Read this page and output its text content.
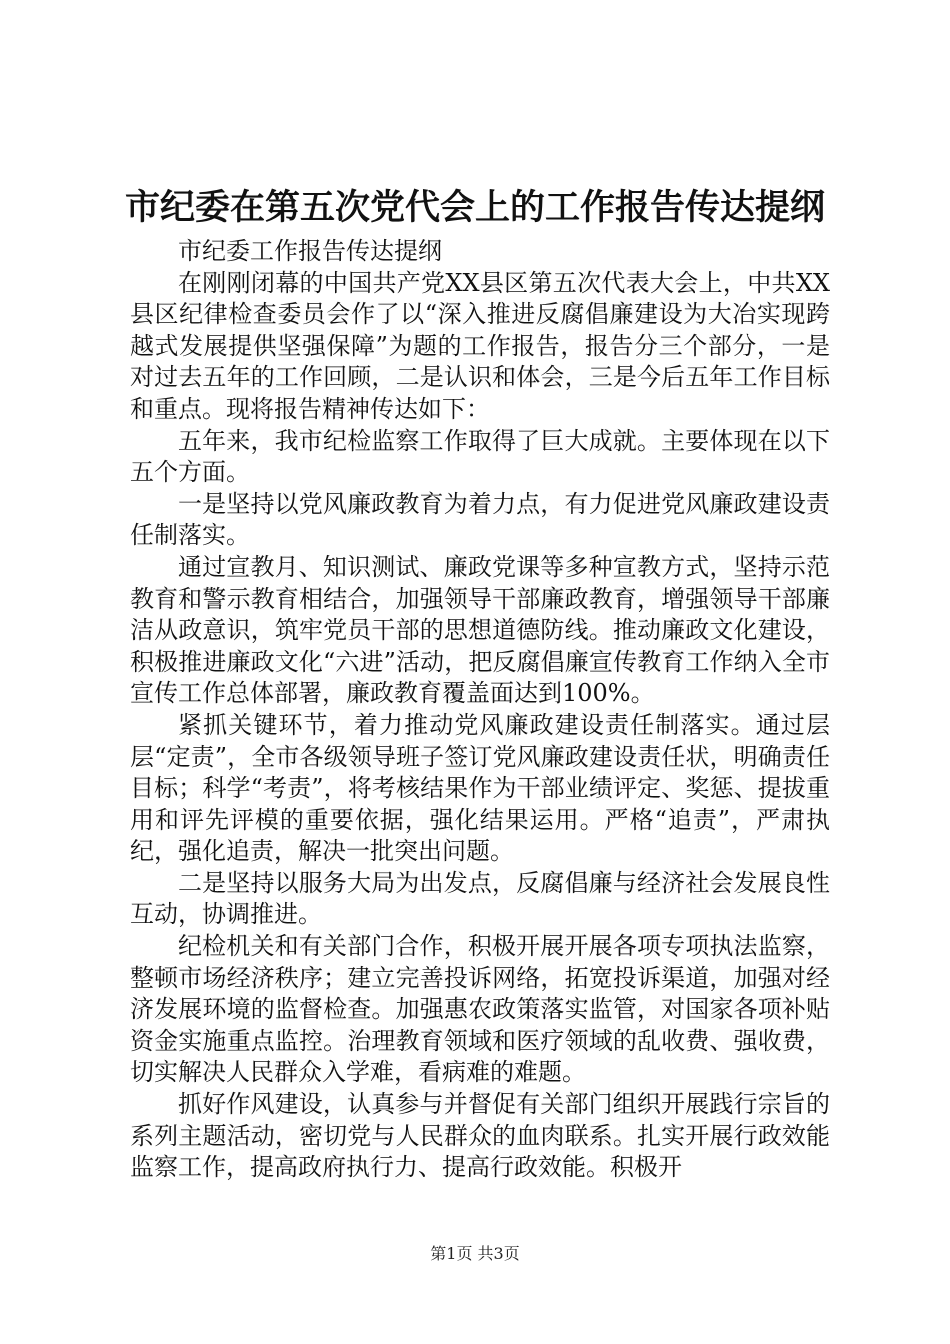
市纪委在第五次党代会上的工作报告传达提纲

市纪委工作报告传达提纲

在刚刚闭幕的中国共产党XX县区第五次代表大会上，中共XX县区纪律检查委员会作了以“深入推进反腐倡廉建设为大冶实现跨越式发展提供坚强保障”为题的工作报告，报告分三个部分，一是对过去五年的工作回顾，二是认识和体会，三是今后五年工作目标和重点。现将报告精神传达如下：

五年来，我市纪检监察工作取得了巨大成就。主要体现在以下五个方面。

一是坚持以党风廉政教育为着力点，有力促进党风廉政建设责任制落实。

通过宣教月、知识测试、廉政党课等多种宣教方式，坚持示范教育和警示教育相结合，加强领导干部廉政教育，增强领导干部廉洁从政意识，筑牢党员干部的思想道德防线。推动廉政文化建设，积极推进廉政文化“六进”活动，把反腐倡廉宣传教育工作纳入全市宣传工作总体部署，廉政教育覆盖面达到100%。

紧抓关键环节，着力推动党风廉政建设责任制落实。通过层层“定责”，全市各级领导班子签订党风廉政建设责任状，明确责任目标；科学“考责”，将考核结果作为干部业绩评定、奖惩、提拔重用和评先评模的重要依据，强化结果运用。严格“追责”，严肃执纪，强化追责，解决一批突出问题。

二是坚持以服务大局为出发点，反腐倡廉与经济社会发展良性互动，协调推进。

纪检机关和有关部门合作，积极开展开展各项专项执法监察，整顿市场经济秩序；建立完善投诉网络，拓宽投诉渠道，加强对经济发展环境的监督检查。加强惠农政策落实监管，对国家各项补贴资金实施重点监控。治理教育领域和医疗领域的乱收费、强收费，切实解决人民群众入学难，看病难的难题。

抓好作风建设，认真参与并督促有关部门组织开展践行宗旨的系列主题活动，密切党与人民群众的血肉联系。扎实开展行政效能监察工作，提高政府执行力、提高行政效能。积极开

第1页 共3页
